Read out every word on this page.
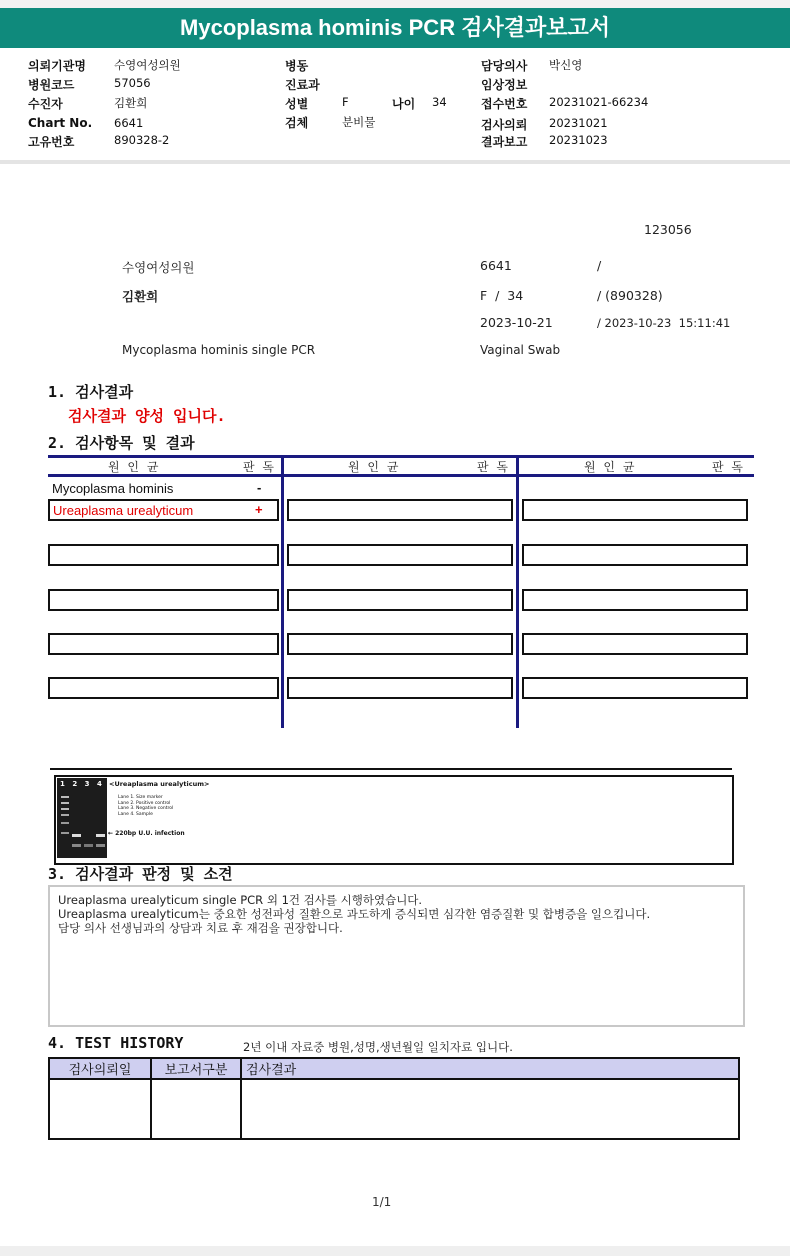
Mycoplasma hominis PCR 검사결과보고서
의뢰기관명 수영여성의원
병원코드	57056
수진자	김환희
Chart No. 6641
고유번호	890328-2
병동
진료과
성별	F	나이 34
검체	분비물
담당의사 박신영
임상정보
접수번호 20231021-66234
검사의뢰 20231021
결과보고 20231023
123056
수영여성의원	6641	/
김환희	F  /  34	/ (890328)
2023-10-21	/ 2023-10-23  15:11:41
Mycoplasma hominis single PCR	Vaginal Swab
1. 검사결과
검사결과 양성 입니다.
2. 검사항목 및 결과
원 인 균	판 독	원 인 균	판 독	원 인 균	판 독
Mycoplasma hominis	-
Ureaplasma urealyticum	+
1 2 3 4 <Ureaplasma urealyticum>
Lane 1. Size marker
Lane 2. Positive control
Lane 3. Negative control
Lane 4. Sample
← 220bp U.U. infection
3. 검사결과 판정 및 소견
Ureaplasma urealyticum single PCR 외 1건 검사를 시행하였습니다.
Ureaplasma urealyticum는 중요한 성전파성 질환으로 과도하게 증식되면 심각한 염증질환 및 합병증을 일으킵니다.
담당 의사 선생님과의 상담과 치료 후 재검을 권장합니다.
4. TEST HISTORY	2년 이내 자료중 병원,성명,생년월일 일치자료 입니다.
검사의뢰일	보고서구분	검사결과

1/1
